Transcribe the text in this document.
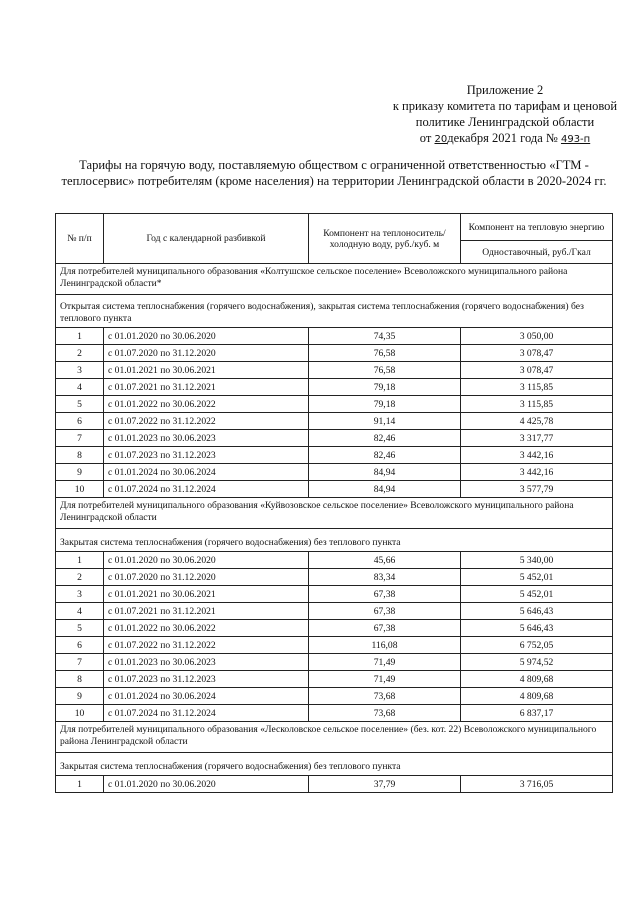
Приложение 2
к приказу комитета по тарифам и ценовой
политике Ленинградской области
от 20декабря 2021 года № 493-п
Тарифы на горячую воду, поставляемую обществом с ограниченной ответственностью «ГТМ - теплосервис» потребителям (кроме населения) на территории Ленинградской области в 2020-2024 гг.
№ п/п	Год с календарной разбивкой	Компонент на теплоноситель/ холодную воду, руб./куб. м	Компонент на тепловую энергию
			Одноставочный, руб./Гкал
Для потребителей муниципального образования «Колтушское сельское поселение» Всеволожского муниципального района Ленинградской области*			
Открытая система теплоснабжения (горячего водоснабжения), закрытая система теплоснабжения (горячего водоснабжения) без теплового пункта			
1	с 01.01.2020 по 30.06.2020	74,35	3 050,00
2	с 01.07.2020 по 31.12.2020	76,58	3 078,47
3	с 01.01.2021 по 30.06.2021	76,58	3 078,47
4	с 01.07.2021 по 31.12.2021	79,18	3 115,85
5	с 01.01.2022 по 30.06.2022	79,18	3 115,85
6	с 01.07.2022 по 31.12.2022	91,14	4 425,78
7	с 01.01.2023 по 30.06.2023	82,46	3 317,77
8	с 01.07.2023 по 31.12.2023	82,46	3 442,16
9	с 01.01.2024 по 30.06.2024	84,94	3 442,16
10	с 01.07.2024 по 31.12.2024	84,94	3 577,79
Для потребителей муниципального образования «Куйвозовское сельское поселение» Всеволожского муниципального района Ленинградской области			
Закрытая система теплоснабжения (горячего водоснабжения) без теплового пункта			
1	с 01.01.2020 по 30.06.2020	45,66	5 340,00
2	с 01.07.2020 по 31.12.2020	83,34	5 452,01
3	с 01.01.2021 по 30.06.2021	67,38	5 452,01
4	с 01.07.2021 по 31.12.2021	67,38	5 646,43
5	с 01.01.2022 по 30.06.2022	67,38	5 646,43
6	с 01.07.2022 по 31.12.2022	116,08	6 752,05
7	с 01.01.2023 по 30.06.2023	71,49	5 974,52
8	с 01.07.2023 по 31.12.2023	71,49	4 809,68
9	с 01.01.2024 по 30.06.2024	73,68	4 809,68
10	с 01.07.2024 по 31.12.2024	73,68	6 837,17
Для потребителей муниципального образования «Лесколовское сельское поселение» (без. кот. 22) Всеволожского муниципального района Ленинградской области			
Закрытая система теплоснабжения (горячего водоснабжения) без теплового пункта			
1	с 01.01.2020 по 30.06.2020	37,79	3 716,05
